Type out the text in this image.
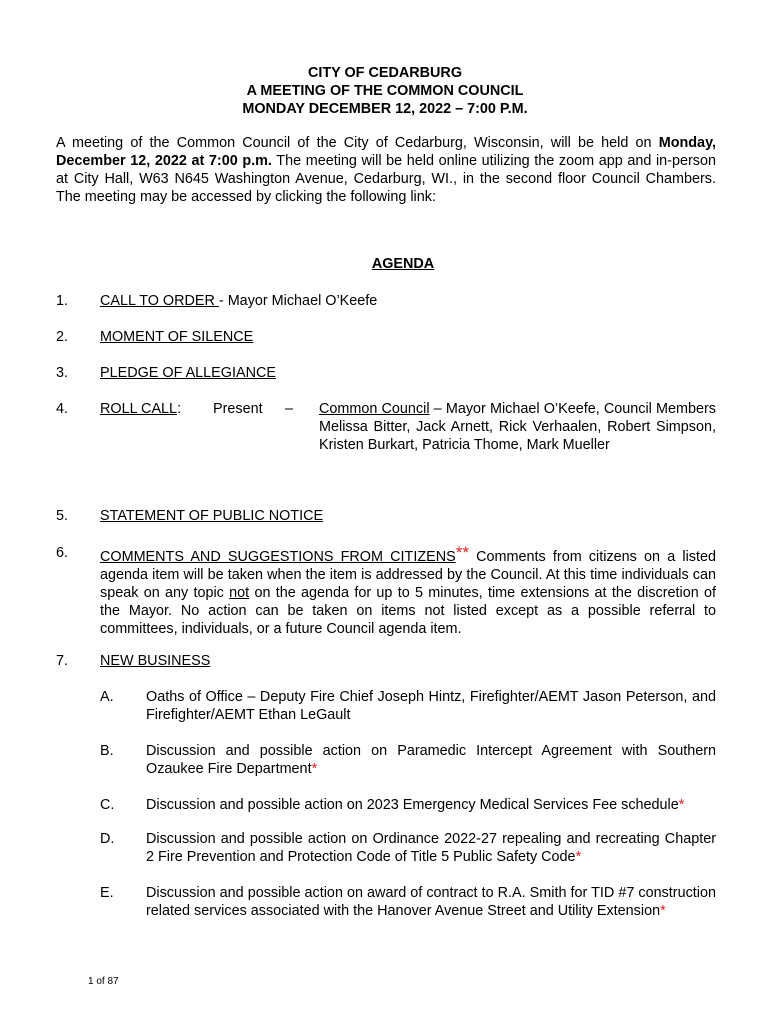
CITY OF CEDARBURG
A MEETING OF THE COMMON COUNCIL
MONDAY DECEMBER 12, 2022 – 7:00 P.M.
A meeting of the Common Council of the City of Cedarburg, Wisconsin, will be held on Monday, December 12, 2022 at 7:00 p.m. The meeting will be held online utilizing the zoom app and in-person at City Hall, W63 N645 Washington Avenue, Cedarburg, WI., in the second floor Council Chambers. The meeting may be accessed by clicking the following link:
AGENDA
1. CALL TO ORDER - Mayor Michael O’Keefe
2. MOMENT OF SILENCE
3. PLEDGE OF ALLEGIANCE
4. ROLL CALL: Present – Common Council – Mayor Michael O’Keefe, Council Members Melissa Bitter, Jack Arnett, Rick Verhaalen, Robert Simpson, Kristen Burkart, Patricia Thome, Mark Mueller
5. STATEMENT OF PUBLIC NOTICE
6. COMMENTS AND SUGGESTIONS FROM CITIZENS** Comments from citizens on a listed agenda item will be taken when the item is addressed by the Council. At this time individuals can speak on any topic not on the agenda for up to 5 minutes, time extensions at the discretion of the Mayor. No action can be taken on items not listed except as a possible referral to committees, individuals, or a future Council agenda item.
7. NEW BUSINESS
A. Oaths of Office – Deputy Fire Chief Joseph Hintz, Firefighter/AEMT Jason Peterson, and Firefighter/AEMT Ethan LeGault
B. Discussion and possible action on Paramedic Intercept Agreement with Southern Ozaukee Fire Department*
C. Discussion and possible action on 2023 Emergency Medical Services Fee schedule*
D. Discussion and possible action on Ordinance 2022-27 repealing and recreating Chapter 2 Fire Prevention and Protection Code of Title 5 Public Safety Code*
E. Discussion and possible action on award of contract to R.A. Smith for TID #7 construction related services associated with the Hanover Avenue Street and Utility Extension*
1 of 87
